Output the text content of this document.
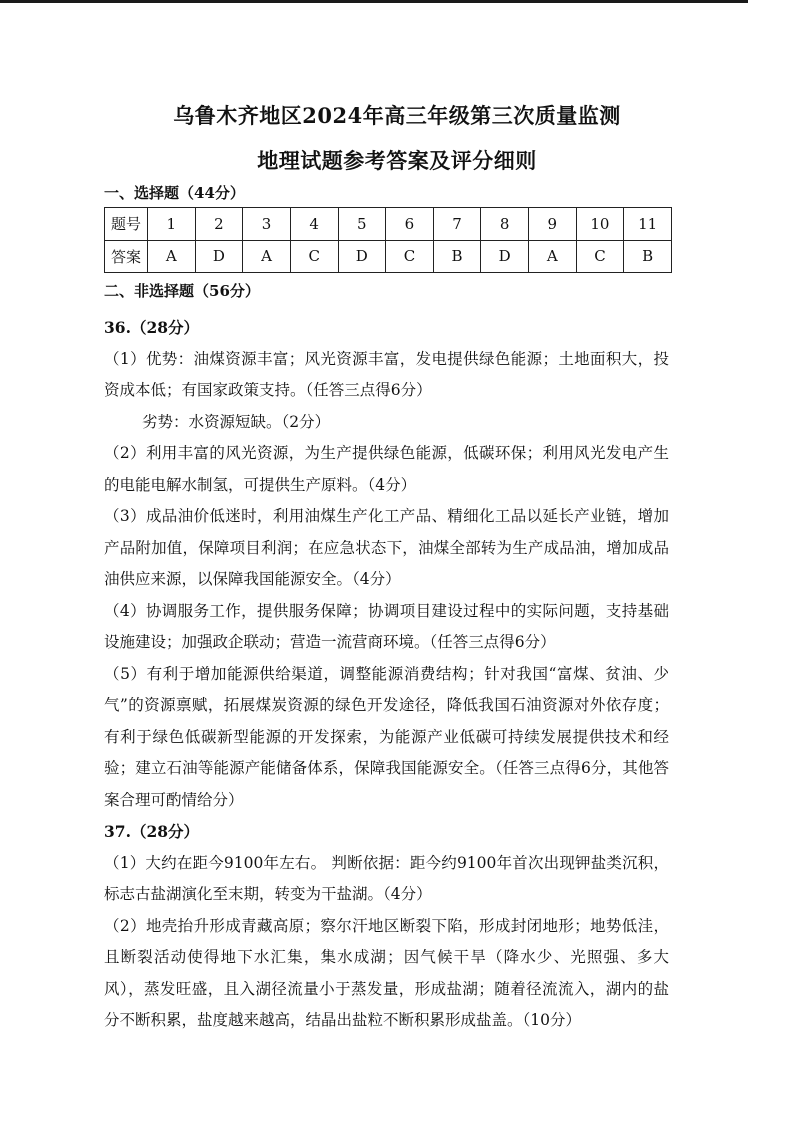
乌鲁木齐地区2024年高三年级第三次质量监测
地理试题参考答案及评分细则
一、选择题（44分）
题号	1	2	3	4	5	6	7	8	9	10	11
答案	A	D	A	C	D	C	B	D	A	C	B
二、非选择题（56分）

36.（28分）

（1）优势：油煤资源丰富；风光资源丰富，发电提供绿色能源；土地面积大，投资成本低；有国家政策支持。（任答三点得6分）

劣势：水资源短缺。（2分）

（2）利用丰富的风光资源，为生产提供绿色能源，低碳环保；利用风光发电产生的电能电解水制氢，可提供生产原料。（4分）

（3）成品油价低迷时，利用油煤生产化工产品、精细化工品以延长产业链，增加产品附加值，保障项目利润；在应急状态下，油煤全部转为生产成品油，增加成品油供应来源，以保障我国能源安全。（4分）

（4）协调服务工作，提供服务保障；协调项目建设过程中的实际问题，支持基础设施建设；加强政企联动；营造一流营商环境。（任答三点得6分）

（5）有利于增加能源供给渠道，调整能源消费结构；针对我国“富煤、贫油、少气”的资源禀赋，拓展煤炭资源的绿色开发途径，降低我国石油资源对外依存度；有利于绿色低碳新型能源的开发探索，为能源产业低碳可持续发展提供技术和经验；建立石油等能源产能储备体系，保障我国能源安全。（任答三点得6分，其他答案合理可酌情给分）

37.（28分）

（1）大约在距今9100年左右。 判断依据：距今约9100年首次出现钾盐类沉积，标志古盐湖演化至末期，转变为干盐湖。（4分）

（2）地壳抬升形成青藏高原；察尔汗地区断裂下陷，形成封闭地形；地势低洼，且断裂活动使得地下水汇集，集水成湖；因气候干旱（降水少、光照强、多大风），蒸发旺盛，且入湖径流量小于蒸发量，形成盐湖；随着径流流入，湖内的盐分不断积累，盐度越来越高，结晶出盐粒不断积累形成盐盖。（10分）
